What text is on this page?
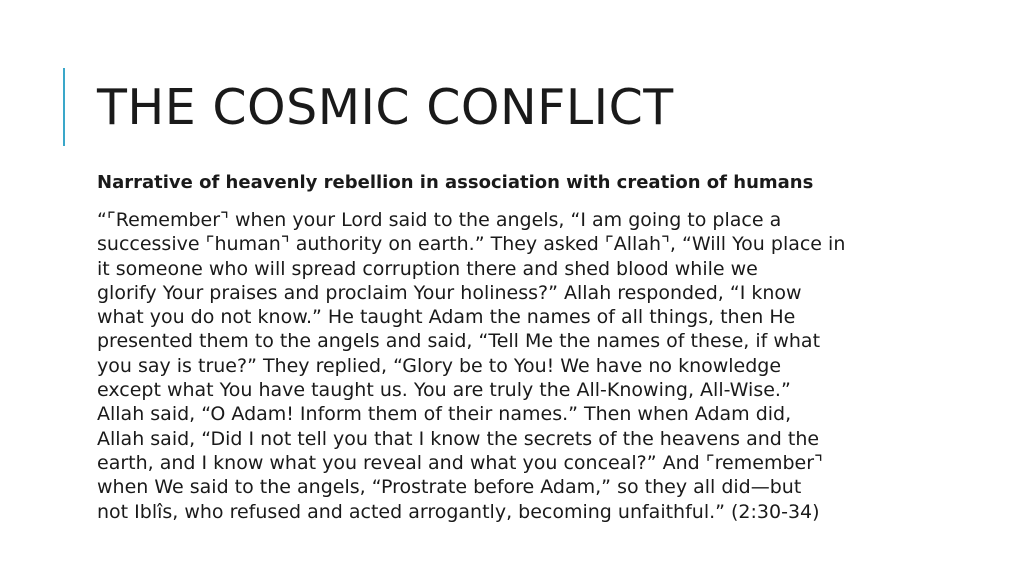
THE COSMIC CONFLICT

Narrative of heavenly rebellion in association with creation of humans

“⌜Remember⌝ when your Lord said to the angels, “I am going to place a
successive ⌜human⌝ authority on earth.” They asked ⌜Allah⌝, “Will You place in
it someone who will spread corruption there and shed blood while we
glorify Your praises and proclaim Your holiness?” Allah responded, “I know
what you do not know.” He taught Adam the names of all things, then He
presented them to the angels and said, “Tell Me the names of these, if what
you say is true?” They replied, “Glory be to You! We have no knowledge
except what You have taught us. You are truly the All-Knowing, All-Wise.”
Allah said, “O Adam! Inform them of their names.” Then when Adam did,
Allah said, “Did I not tell you that I know the secrets of the heavens and the
earth, and I know what you reveal and what you conceal?” And ⌜remember⌝
when We said to the angels, “Prostrate before Adam,” so they all did—but
not Iblîs, who refused and acted arrogantly, becoming unfaithful.” (2:30-34)
